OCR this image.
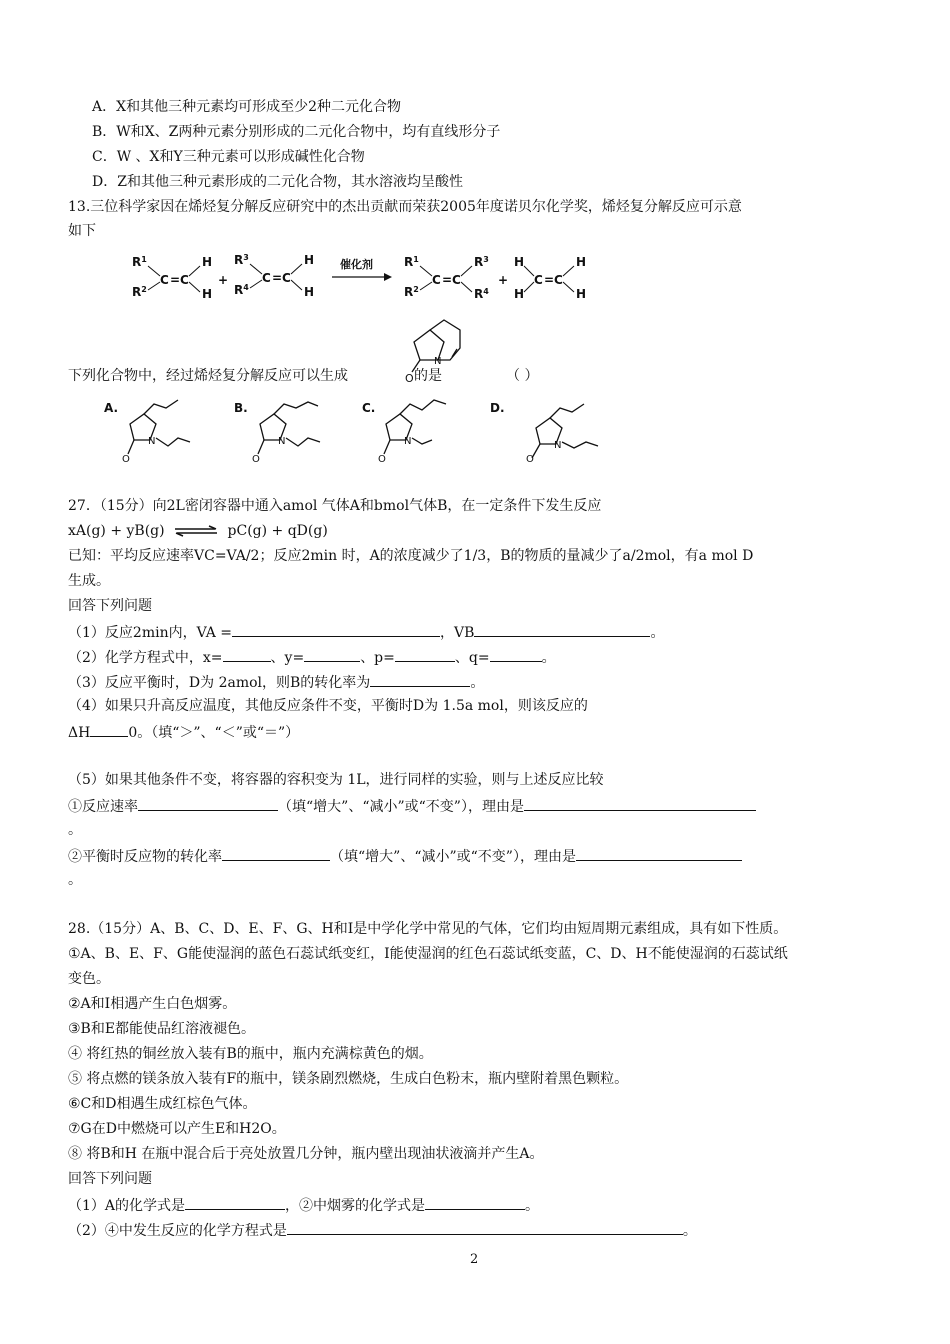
A．X和其他三种元素均可形成至少2种二元化合物
B．W和X、Z两种元素分别形成的二元化合物中，均有直线形分子
C．W 、X和Y三种元素可以形成碱性化合物
D．Z和其他三种元素形成的二元化合物，其水溶液均呈酸性
13.三位科学家因在烯烃复分解反应研究中的杰出贡献而荣获2005年度诺贝尔化学奖，烯烃复分解反应可示意
如下
$R^1$
$R^2$
C = C
H
H
+
$R^3$
$R^4$
C = C
H
H
催化剂	$R^1$
$R^2$
C = C
$R^3$
$R^4$
+
H
H
C = C
H
H
N
O
下列化合物中，经过烯烃复分解反应可以生成	的是	（ ）
A.	B.	C.	D.
N
O
N
O
N
O
N
O
27．（15分）向2L密闭容器中通入amol 气体A和bmol气体B，在一定条件下发生反应
xA(g) + yB(g) ⇌ pC(g) + qD(g)
已知：平均反应速率VC=VA/2；反应2min 时，A的浓度减少了1/3，B的物质的量减少了a/2mol，有a mol D
生成。
回答下列问题
（1）反应2min内，VA =	，VB	。
（2）化学方程式中，x=	、y=	、p=	、q=	。
（3）反应平衡时，D为 2amol，则B的转化率为	。
（4）如果只升高反应温度，其他反应条件不变，平衡时D为 1.5a mol，则该反应的
ΔH	0。（填“＞”、“＜”或“＝”）
（5）如果其他条件不变，将容器的容积变为 1L，进行同样的实验，则与上述反应比较
①反应速率	（填“增大”、“减小”或“不变”），理由是
。
②平衡时反应物的转化率	（填“增大”、“减小”或“不变”），理由是
。
28.（15分）A、B、C、D、E、F、G、H和I是中学化学中常见的气体，它们均由短周期元素组成，具有如下性质。
①A、B、E、F、G能使湿润的蓝色石蕊试纸变红，I能使湿润的红色石蕊试纸变蓝，C、D、H不能使湿润的石蕊试纸
变色。
②A和I相遇产生白色烟雾。
③B和E都能使品红溶液褪色。
④ 将红热的铜丝放入装有B的瓶中，瓶内充满棕黄色的烟。
⑤ 将点燃的镁条放入装有F的瓶中，镁条剧烈燃烧，生成白色粉末，瓶内壁附着黑色颗粒。
⑥C和D相遇生成红棕色气体。
⑦G在D中燃烧可以产生E和H2O。
⑧ 将B和H 在瓶中混合后于亮处放置几分钟，瓶内壁出现油状液滴并产生A。
回答下列问题
（1）A的化学式是	，②中烟雾的化学式是	。
（2）④中发生反应的化学方程式是	。
2
